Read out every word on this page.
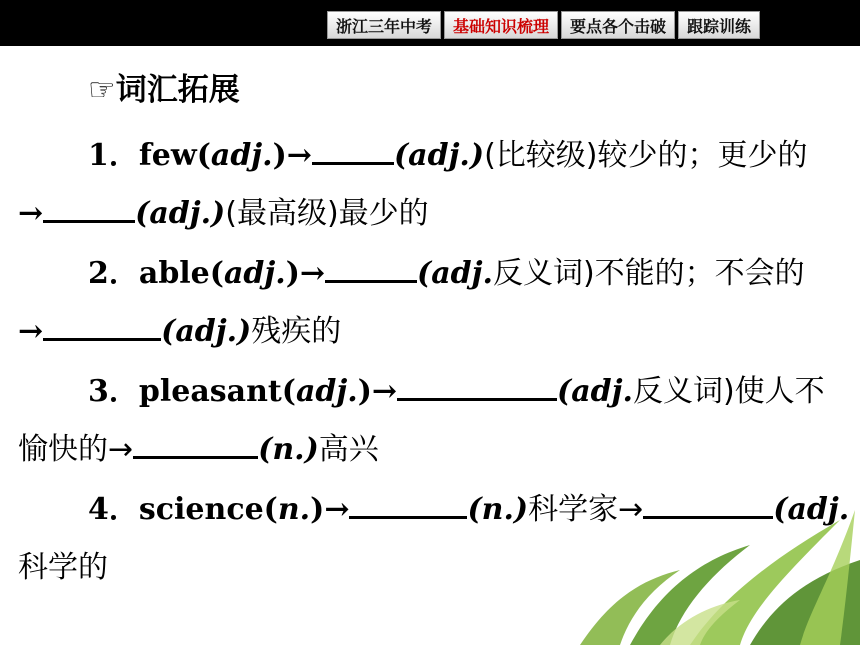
浙江三年中考	基础知识梳理	要点各个击破	跟踪训练
☞词汇拓展
1．few(adj.)→	(adj.)(比较级)较少的；更少的
→	(adj.)(最高级)最少的
2．able(adj.)→	(adj.反义词)不能的；不会的
→	(adj.)残疾的
3．pleasant(adj.)→	(adj.反义词)使人不
愉快的→	(n.)高兴
4．science(n.)→	(n.)科学家→	(adj.
科学的
